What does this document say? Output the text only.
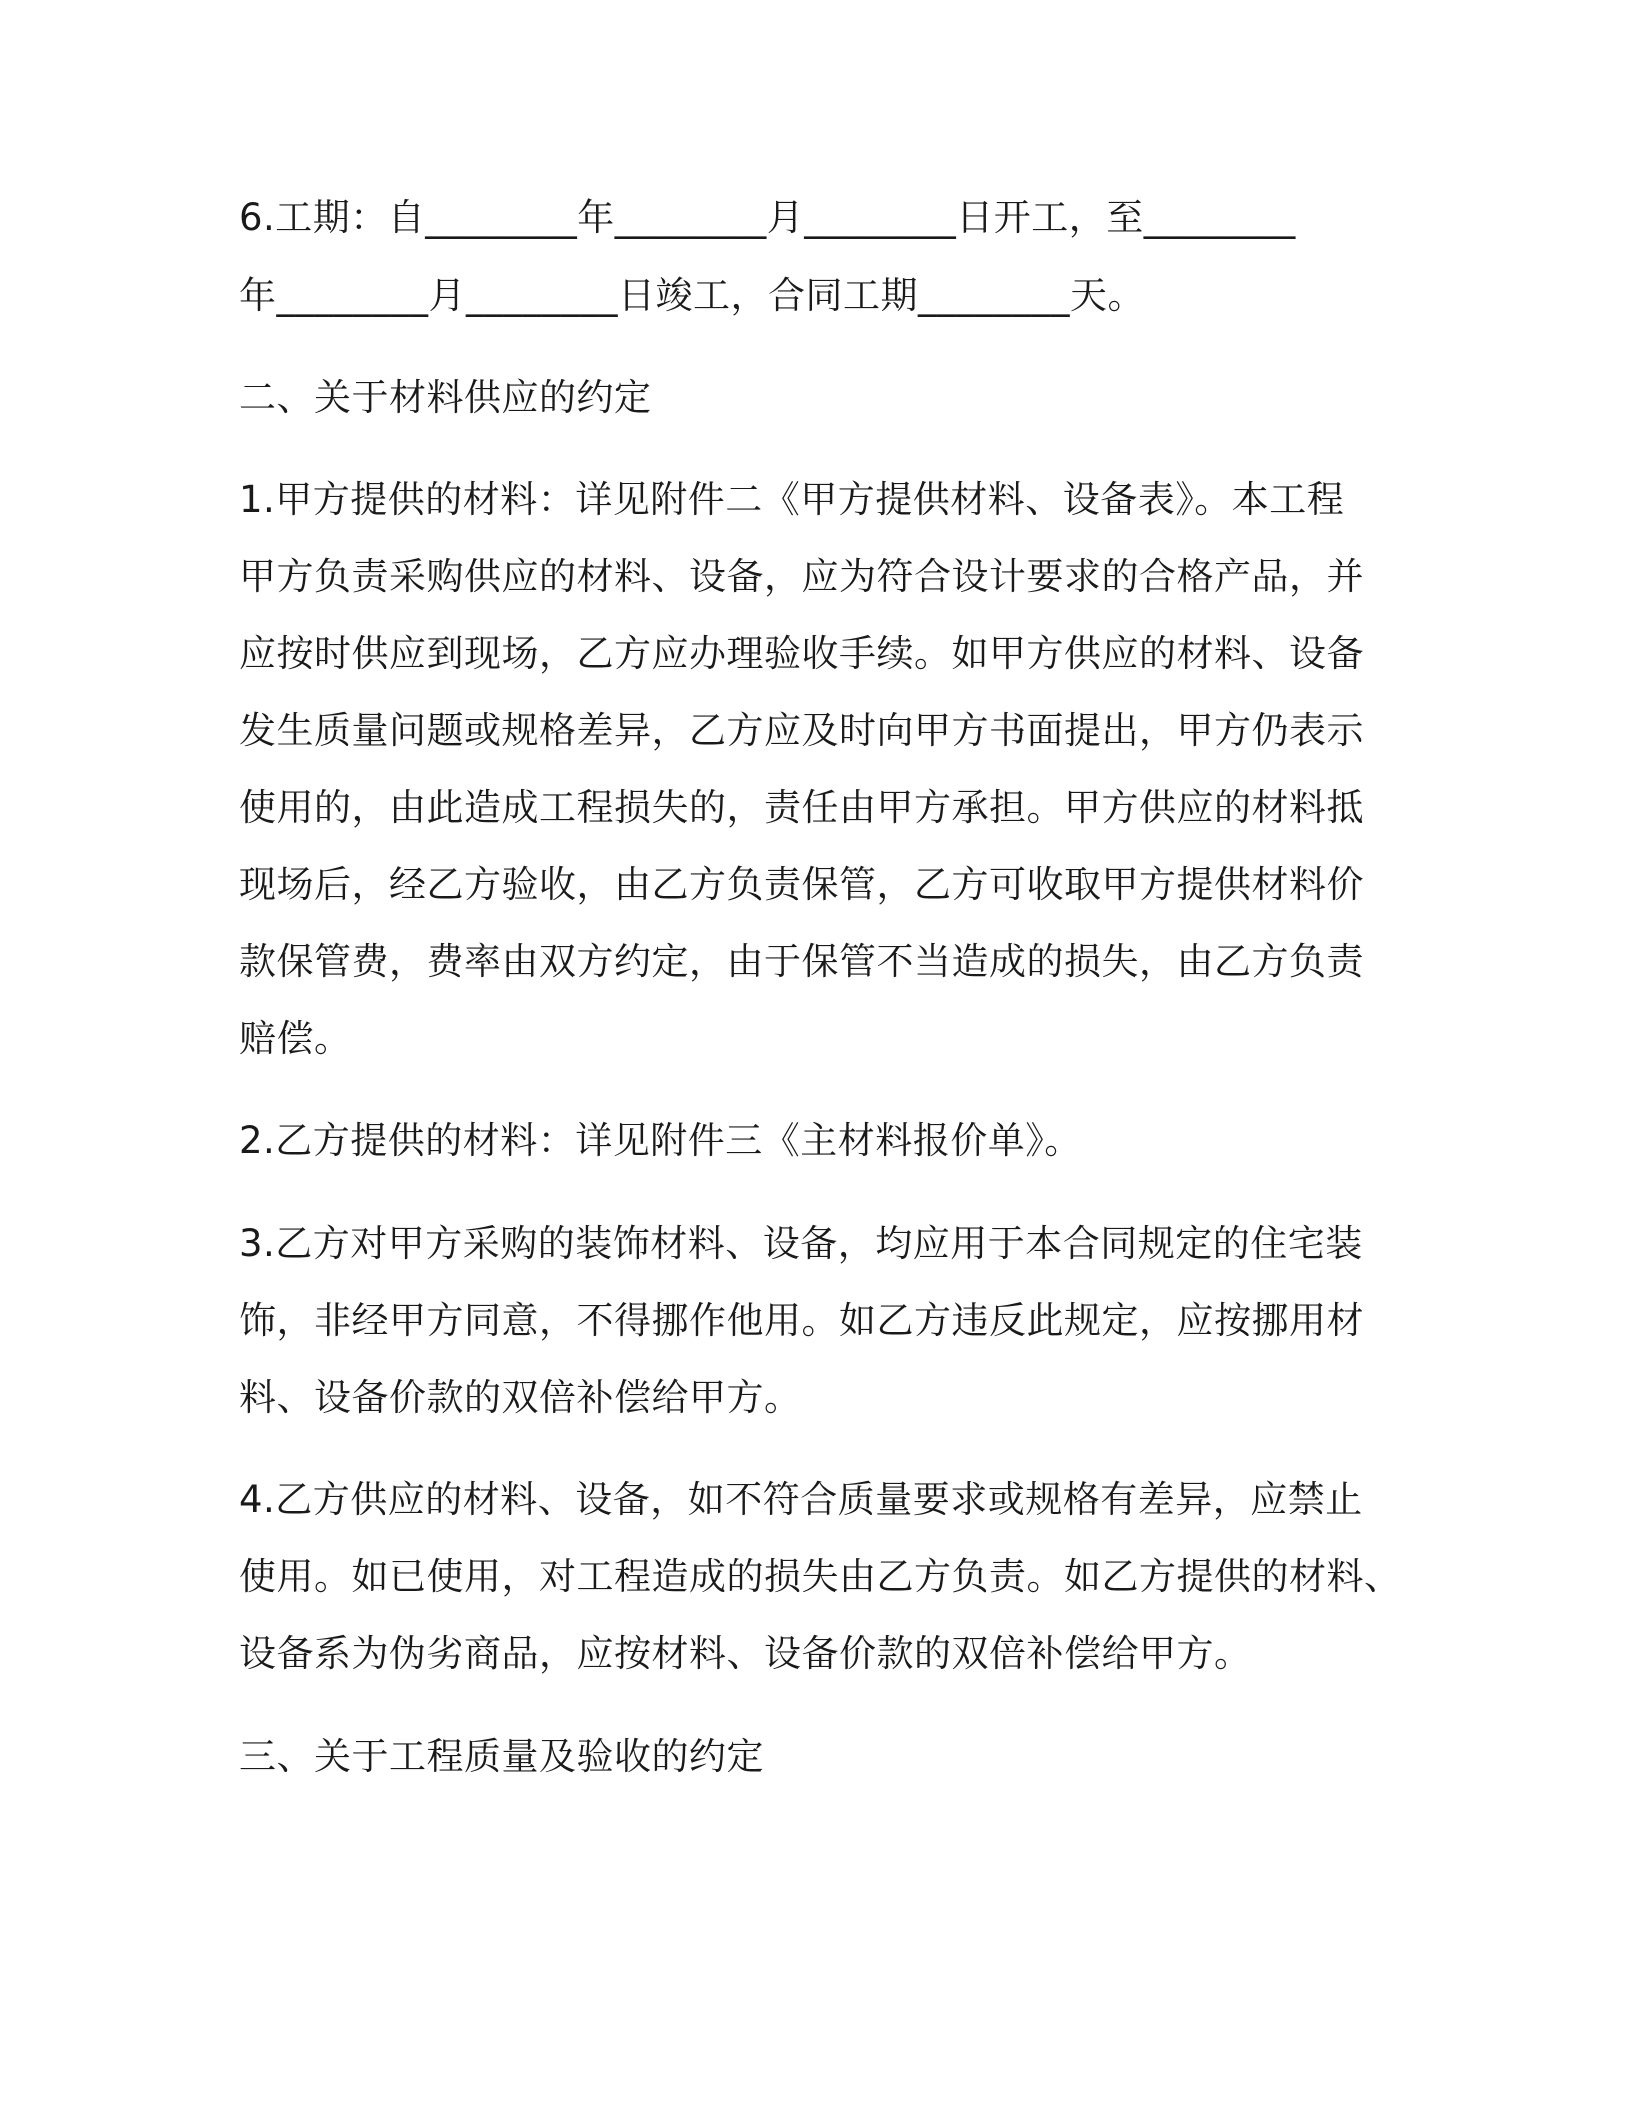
6.工期：自________年________月________日开工，至________
年________月________日竣工，合同工期________天。
二、关于材料供应的约定
1.甲方提供的材料：详见附件二《甲方提供材料、设备表》。本工程
甲方负责采购供应的材料、设备，应为符合设计要求的合格产品，并
应按时供应到现场，乙方应办理验收手续。如甲方供应的材料、设备
发生质量问题或规格差异，乙方应及时向甲方书面提出，甲方仍表示
使用的，由此造成工程损失的，责任由甲方承担。甲方供应的材料抵
现场后，经乙方验收，由乙方负责保管，乙方可收取甲方提供材料价
款保管费，费率由双方约定，由于保管不当造成的损失，由乙方负责
赔偿。
2.乙方提供的材料：详见附件三《主材料报价单》。
3.乙方对甲方采购的装饰材料、设备，均应用于本合同规定的住宅装
饰，非经甲方同意，不得挪作他用。如乙方违反此规定，应按挪用材
料、设备价款的双倍补偿给甲方。
4.乙方供应的材料、设备，如不符合质量要求或规格有差异，应禁止
使用。如已使用，对工程造成的损失由乙方负责。如乙方提供的材料、
设备系为伪劣商品，应按材料、设备价款的双倍补偿给甲方。
三、关于工程质量及验收的约定
